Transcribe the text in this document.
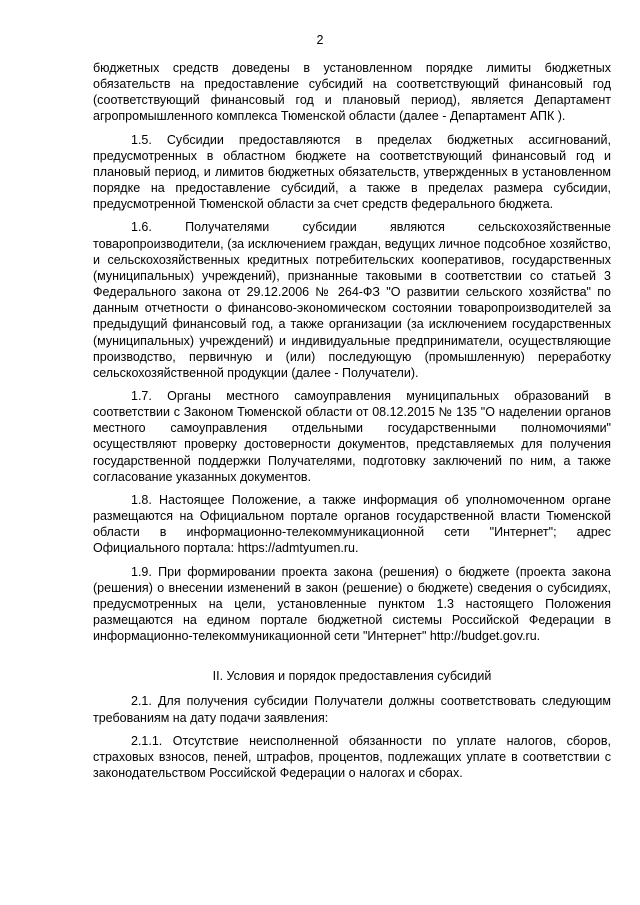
2

бюджетных средств доведены в установленном порядке лимиты бюджетных обязательств на предоставление субсидий на соответствующий финансовый год (соответствующий финансовый год и плановый период), является Департамент агропромышленного комплекса Тюменской области (далее - Департамент АПК ).

1.5. Субсидии предоставляются в пределах бюджетных ассигнований, предусмотренных в областном бюджете на соответствующий финансовый год и плановый период, и лимитов бюджетных обязательств, утвержденных в установленном порядке на предоставление субсидий, а также в пределах размера субсидии, предусмотренной Тюменской области за счет средств федерального бюджета.

1.6. Получателями субсидии являются сельскохозяйственные товаропроизводители, (за исключением граждан, ведущих личное подсобное хозяйство, и сельскохозяйственных кредитных потребительских кооперативов, государственных (муниципальных) учреждений), признанные таковыми в соответствии со статьей 3 Федерального закона от 29.12.2006 № 264-ФЗ "О развитии сельского хозяйства" по данным отчетности о финансово-экономическом состоянии товаропроизводителей за предыдущий финансовый год, а также организации (за исключением государственных (муниципальных) учреждений) и индивидуальные предприниматели, осуществляющие производство, первичную и (или) последующую (промышленную) переработку сельскохозяйственной продукции (далее - Получатели).

1.7. Органы местного самоуправления муниципальных образований в соответствии с Законом Тюменской области от 08.12.2015 № 135 "О наделении органов местного самоуправления отдельными государственными полномочиями" осуществляют проверку достоверности документов, представляемых для получения государственной поддержки Получателями, подготовку заключений по ним, а также согласование указанных документов.

1.8. Настоящее Положение, а также информация об уполномоченном органе размещаются на Официальном портале органов государственной власти Тюменской области в информационно-телекоммуникационной сети "Интернет"; адрес Официального портала: https://admtyumen.ru.

1.9. При формировании проекта закона (решения) о бюджете (проекта закона (решения) о внесении изменений в закон (решение) о бюджете) сведения о субсидиях, предусмотренных на цели, установленные пунктом 1.3 настоящего Положения размещаются на едином портале бюджетной системы Российской Федерации в информационно-телекоммуникационной сети "Интернет" http://budget.gov.ru.

II. Условия и порядок предоставления субсидий

2.1. Для получения субсидии Получатели должны соответствовать следующим требованиям на дату подачи заявления:

2.1.1. Отсутствие неисполненной обязанности по уплате налогов, сборов, страховых взносов, пеней, штрафов, процентов, подлежащих уплате в соответствии с законодательством Российской Федерации о налогах и сборах.
